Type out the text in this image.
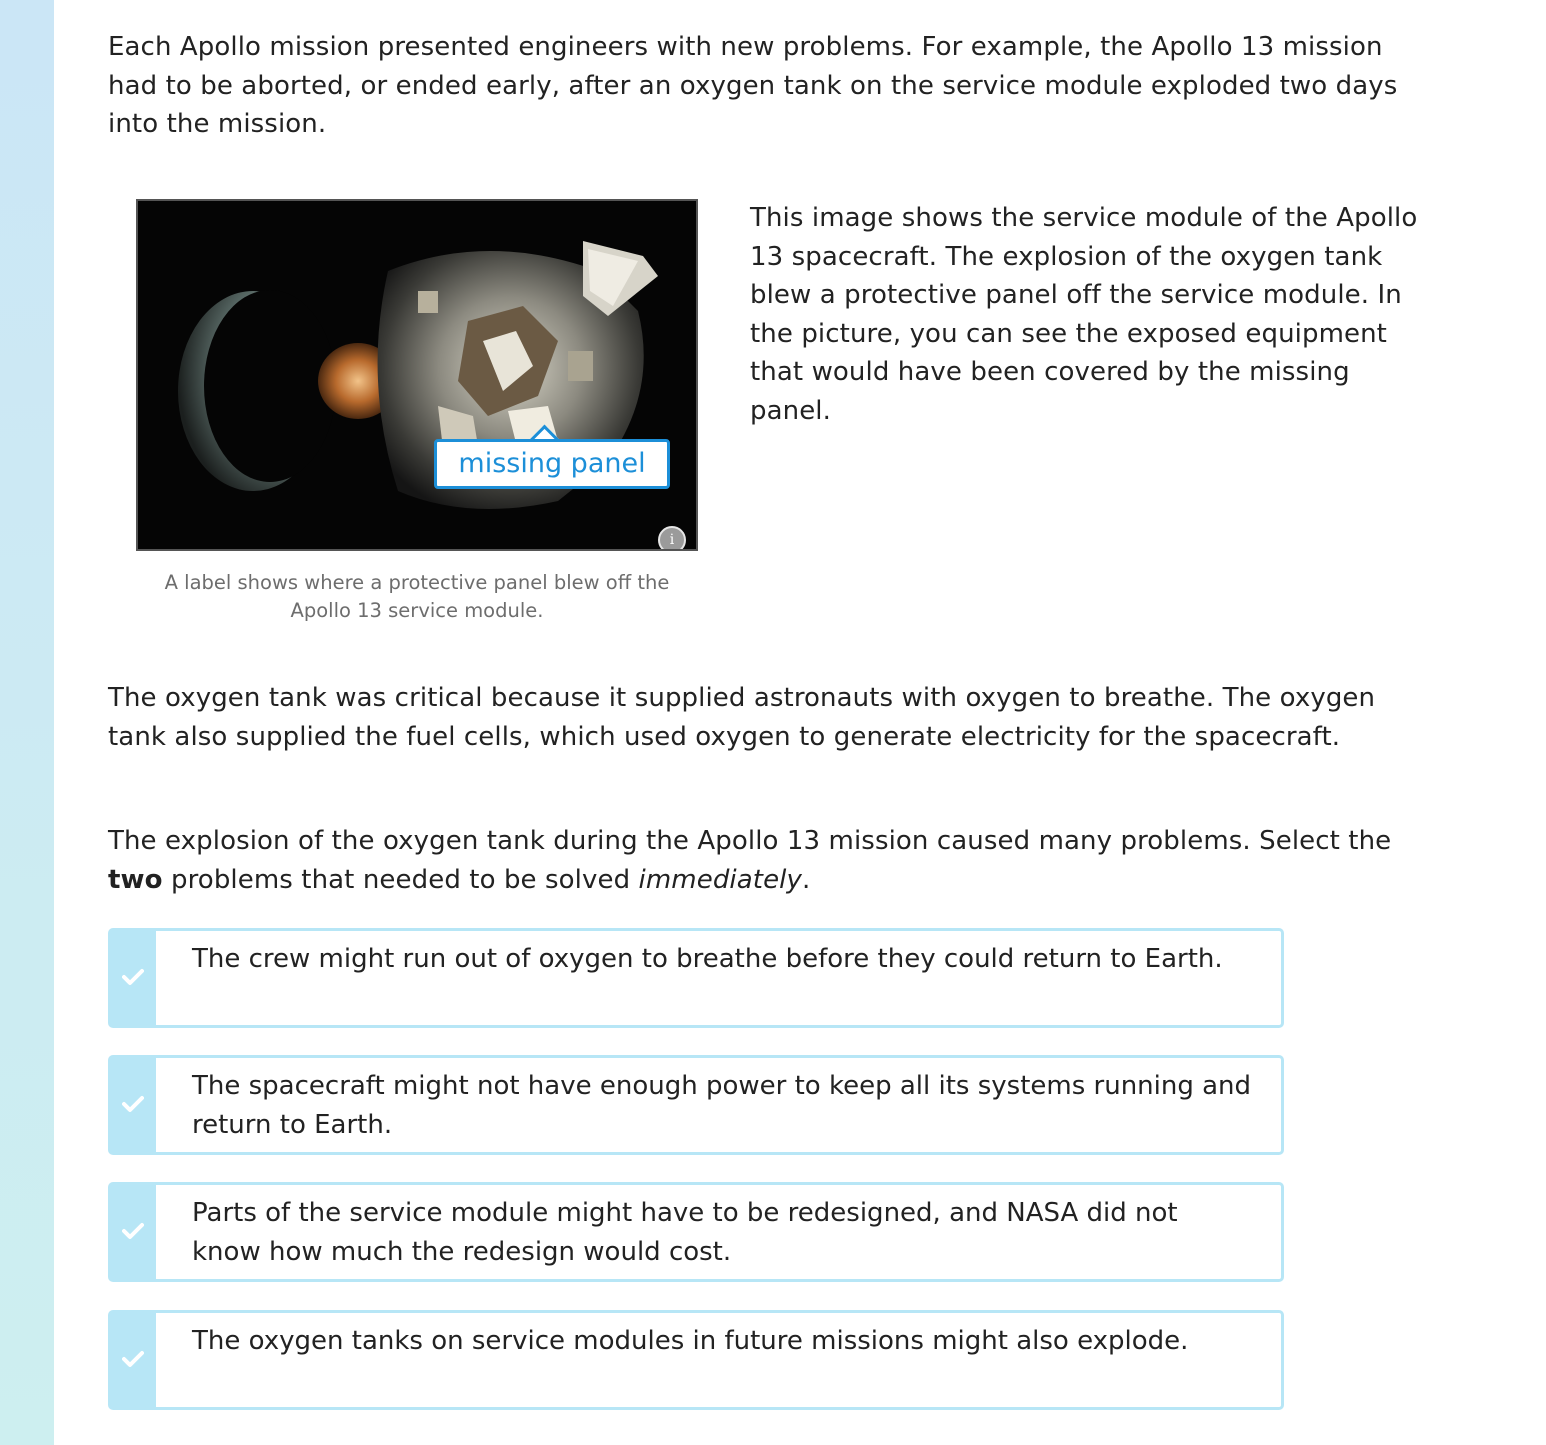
Each Apollo mission presented engineers with new problems. For example, the Apollo 13 mission had to be aborted, or ended early, after an oxygen tank on the service module exploded two days into the mission.

missing panel
i
A label shows where a protective panel blew off the Apollo 13 service module.

This image shows the service module of the Apollo 13 spacecraft. The explosion of the oxygen tank blew a protective panel off the service module. In the picture, you can see the exposed equipment that would have been covered by the missing panel.

The oxygen tank was critical because it supplied astronauts with oxygen to breathe. The oxygen tank also supplied the fuel cells, which used oxygen to generate electricity for the spacecraft.

The explosion of the oxygen tank during the Apollo 13 mission caused many problems. Select the two problems that needed to be solved immediately.

The crew might run out of oxygen to breathe before they could return to Earth.

The spacecraft might not have enough power to keep all its systems running and return to Earth.

Parts of the service module might have to be redesigned, and NASA did not know how much the redesign would cost.

The oxygen tanks on service modules in future missions might also explode.
